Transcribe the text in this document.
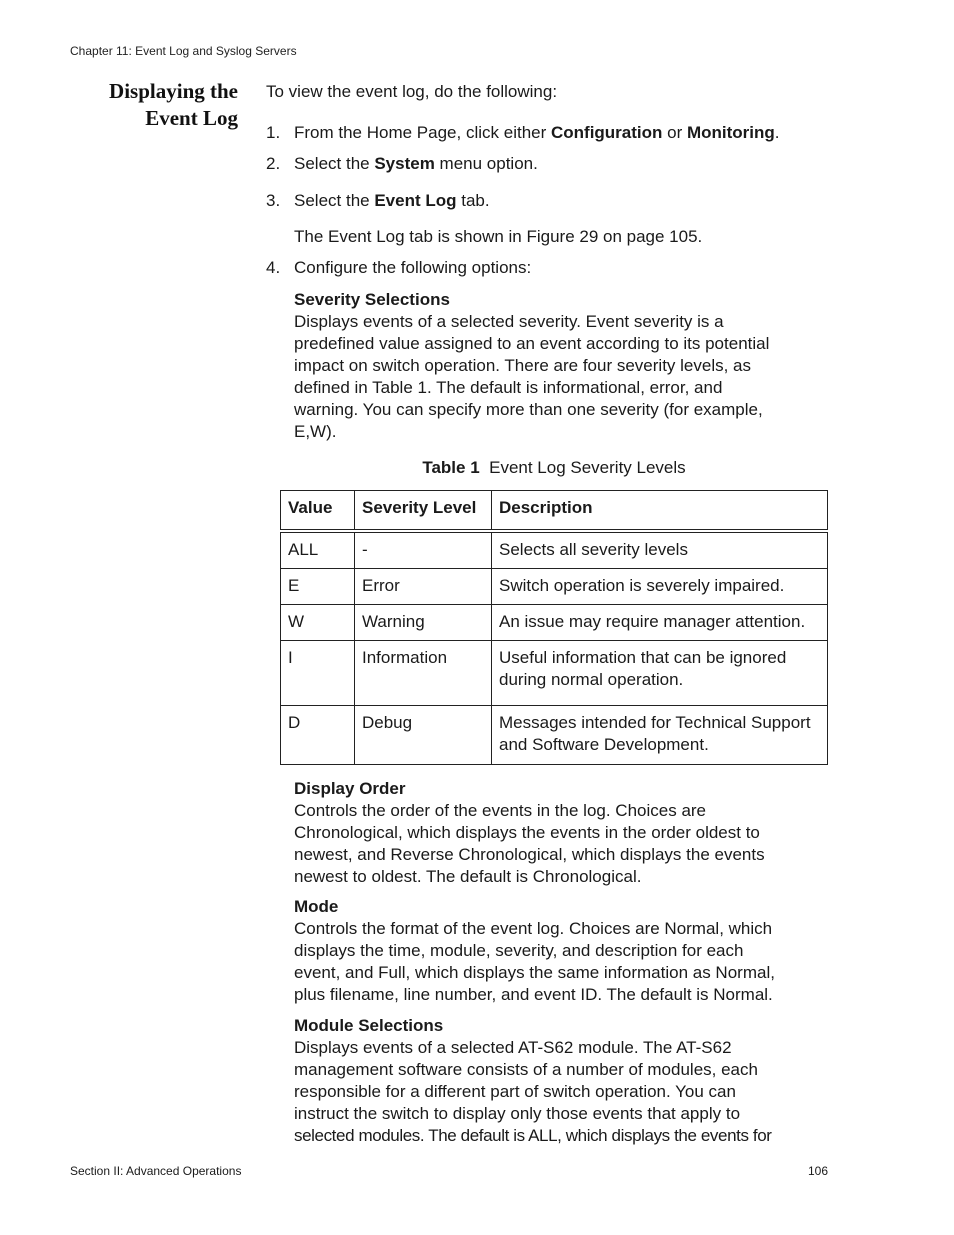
Chapter 11: Event Log and Syslog Servers
Displaying the
Event Log
To view the event log, do the following:
1. From the Home Page, click either Configuration or Monitoring.
2. Select the System menu option.
3. Select the Event Log tab.
The Event Log tab is shown in Figure 29 on page 105.
4. Configure the following options:
Severity Selections
Displays events of a selected severity. Event severity is a
predefined value assigned to an event according to its potential
impact on switch operation. There are four severity levels, as
defined in Table 1. The default is informational, error, and
warning. You can specify more than one severity (for example,
E,W).
Table 1 Event Log Severity Levels
Value	Severity Level	Description
ALL	-	Selects all severity levels
E	Error	Switch operation is severely impaired.
W	Warning	An issue may require manager attention.
I	Information	Useful information that can be ignored during normal operation.
D	Debug	Messages intended for Technical Support and Software Development.
Display Order
Controls the order of the events in the log. Choices are
Chronological, which displays the events in the order oldest to
newest, and Reverse Chronological, which displays the events
newest to oldest. The default is Chronological.
Mode
Controls the format of the event log. Choices are Normal, which
displays the time, module, severity, and description for each
event, and Full, which displays the same information as Normal,
plus filename, line number, and event ID. The default is Normal.
Module Selections
Displays events of a selected AT-S62 module. The AT-S62
management software consists of a number of modules, each
responsible for a different part of switch operation. You can
instruct the switch to display only those events that apply to
selected modules. The default is ALL, which displays the events for
Section II: Advanced Operations	106
